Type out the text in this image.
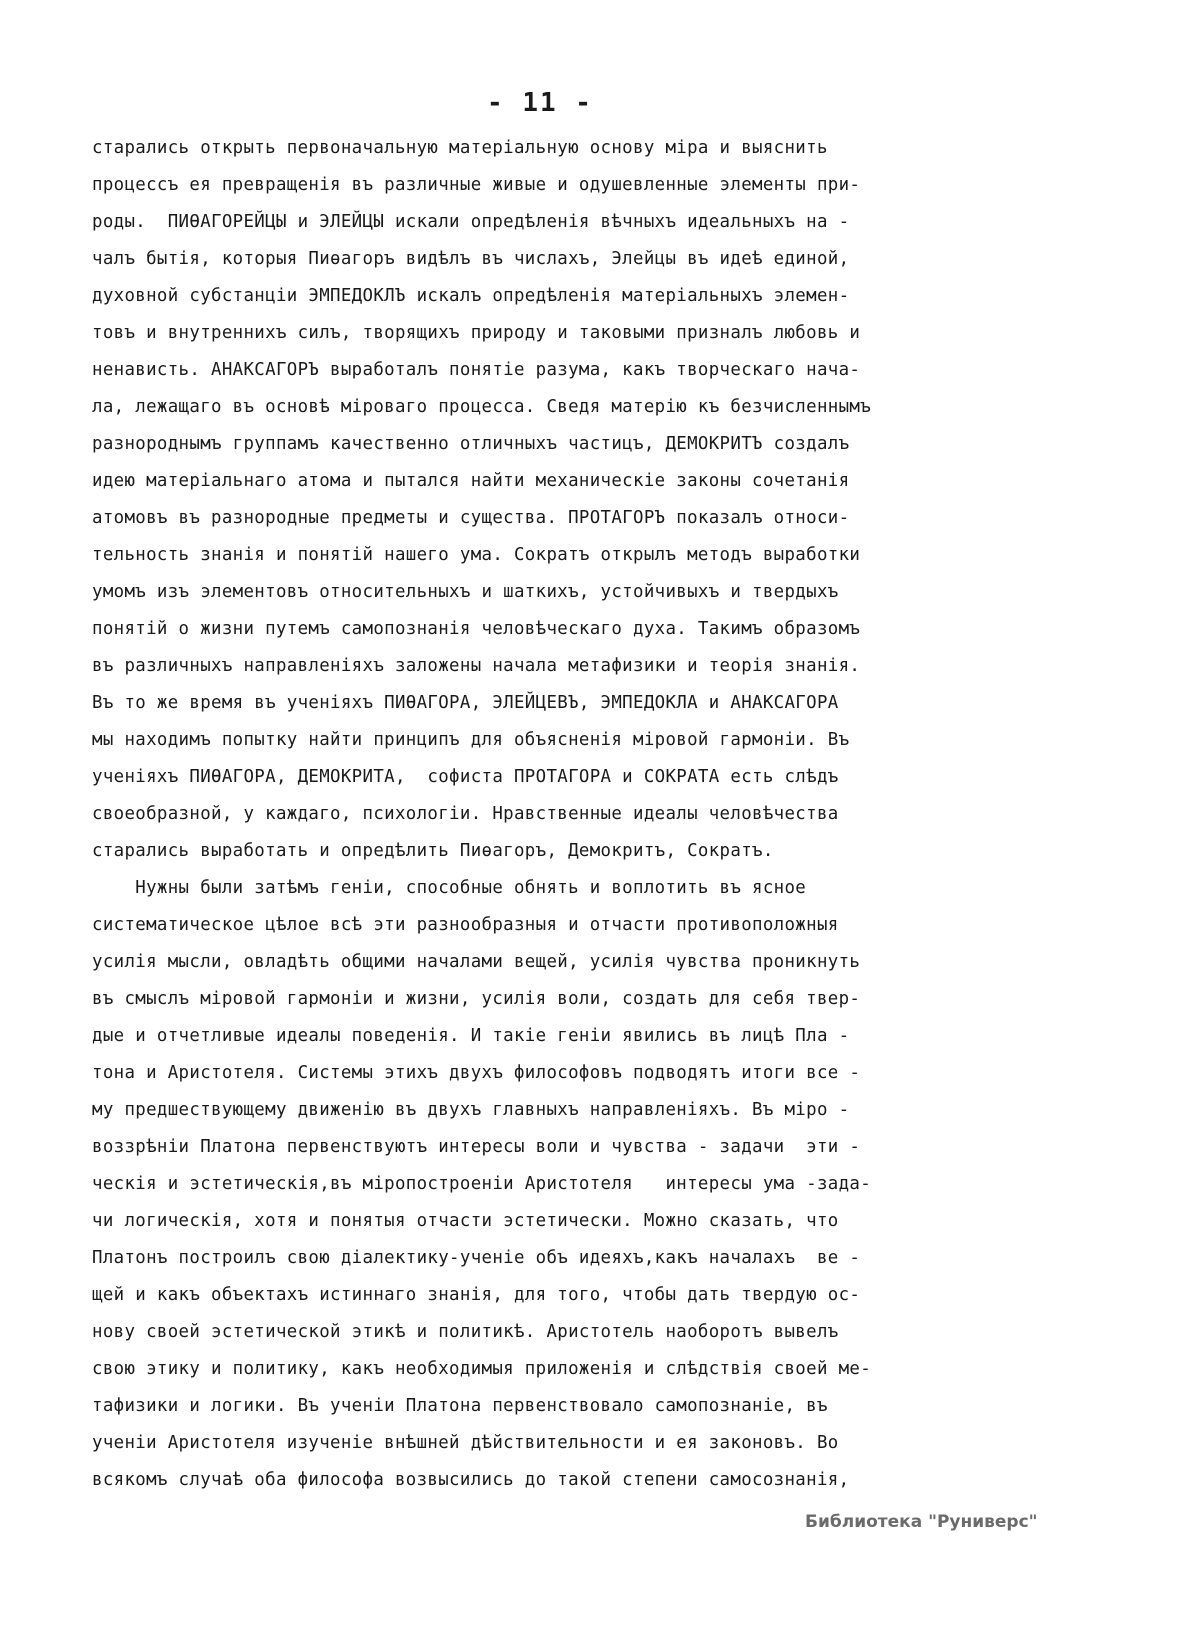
- 11 -
старались открыть первоначальную матерiальную основу мiра и выяснить
процессъ ея превращенiя въ различные живые и одушевленные элементы при-
роды.  ПИѲАГОРЕЙЦЫ и ЭЛЕЙЦЫ искали опредѣленiя вѣчныхъ идеальныхъ на -
чалъ бытiя, которыя Пиѳагоръ видѣлъ въ числахъ, Элейцы въ идеѣ единой,
духовной субстанцiи ЭМПЕДОКЛЪ искалъ опредѣленiя матерiальныхъ элемен-
товъ и внутреннихъ силъ, творящихъ природу и таковыми призналъ любовь и
ненависть. АНАКСАГОРЪ выработалъ понятiе разума, какъ творческаго нача-
ла, лежащаго въ основѣ мiроваго процесса. Сведя матерiю къ безчисленнымъ
разнороднымъ группамъ качественно отличныхъ частицъ, ДЕМОКРИТЪ создалъ
идею матерiальнаго атома и пытался найти механическiе законы сочетанiя
атомовъ въ разнородные предметы и существа. ПРОТАГОРЪ показалъ относи-
тельность знанiя и понятiй нашего ума. Сократъ открылъ методъ выработки
умомъ изъ элементовъ относительныхъ и шаткихъ, устойчивыхъ и твердыхъ
понятiй о жизни путемъ самопознанiя человѣческаго духа. Такимъ образомъ
въ различныхъ направленiяхъ заложены начала метафизики и теорiя знанiя.
Въ то же время въ ученiяхъ ПИѲАГОРА, ЭЛЕЙЦЕВЪ, ЭМПЕДОКЛА и АНАКСАГОРА
мы находимъ попытку найти принципъ для объясненiя мiровой гармонiи. Въ
ученiяхъ ПИѲАГОРА, ДЕМОКРИТА,  софиста ПРОТАГОРА и СОКРАТА есть слѣдъ
своеобразной, у каждаго, психологiи. Нравственные идеалы человѣчества
старались выработать и опредѣлить Пиѳагоръ, Демокритъ, Сократъ.
Нужны были затѣмъ генiи, способные обнять и воплотить въ ясное
систематическое цѣлое всѣ эти разнообразныя и отчасти противоположныя
усилiя мысли, овладѣть общими началами вещей, усилiя чувства проникнуть
въ смыслъ мiровой гармонiи и жизни, усилiя воли, создать для себя твер-
дые и отчетливые идеалы поведенiя. И такiе генiи явились въ лицѣ Пла -
тона и Аристотеля. Системы этихъ двухъ философовъ подводятъ итоги все -
му предшествующему движенiю въ двухъ главныхъ направленiяхъ. Въ мiро -
воззрѣнiи Платона первенствуютъ интересы воли и чувства - задачи  эти -
ческiя и эстетическiя,въ мiропостроенiи Аристотеля   интересы ума -зада-
чи логическiя, хотя и понятыя отчасти эстетически. Можно сказать, что
Платонъ построилъ свою дiалектику-ученiе объ идеяхъ,какъ началахъ  ве -
щей и какъ объектахъ истиннаго знанiя, для того, чтобы дать твердую ос-
нову своей эстетической этикѣ и политикѣ. Аристотель наоборотъ вывелъ
свою этику и политику, какъ необходимыя приложенiя и слѣдствiя своей ме-
тафизики и логики. Въ ученiи Платона первенствовало самопознанiе, въ
ученiи Аристотеля изученiе внѣшней дѣйствительности и ея законовъ. Во
всякомъ случаѣ оба философа возвысились до такой степени самосознанiя,
Библиотека "Руниверс"
